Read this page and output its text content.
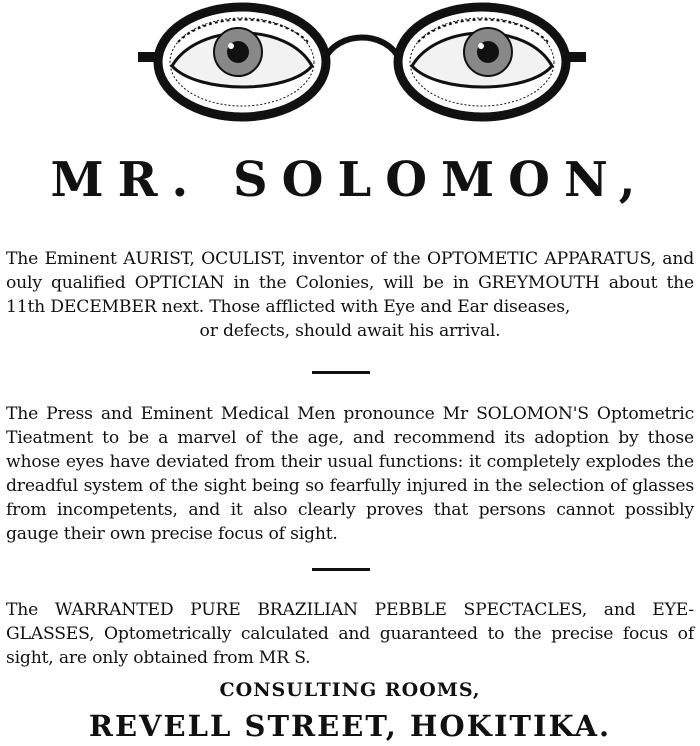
MR. SOLOMON,

The Eminent AURIST, OCULIST, inventor of the OPTOMETIC APPARATUS, and ouly qualified OPTICIAN in the Colonies, will be in GREYMOUTH about the 11th DECEMBER next. Those afflicted with Eye and Ear diseases,
or defects, should await his arrival.

The Press and Eminent Medical Men pronounce Mr SOLOMON'S Optometric Tieatment to be a marvel of the age, and recommend its adoption by those whose eyes have deviated from their usual functions: it completely explodes the dreadful system of the sight being so fearfully injured in the selection of glasses from incompetents, and it also clearly proves that persons cannot possibly gauge their own precise focus of sight.

The WARRANTED PURE BRAZILIAN PEBBLE SPECTACLES, and EYE-GLASSES, Optometrically calculated and guaranteed to the precise focus of sight, are only obtained from MR S.

CONSULTING ROOMS,
REVELL STREET, HOKITIKA.
